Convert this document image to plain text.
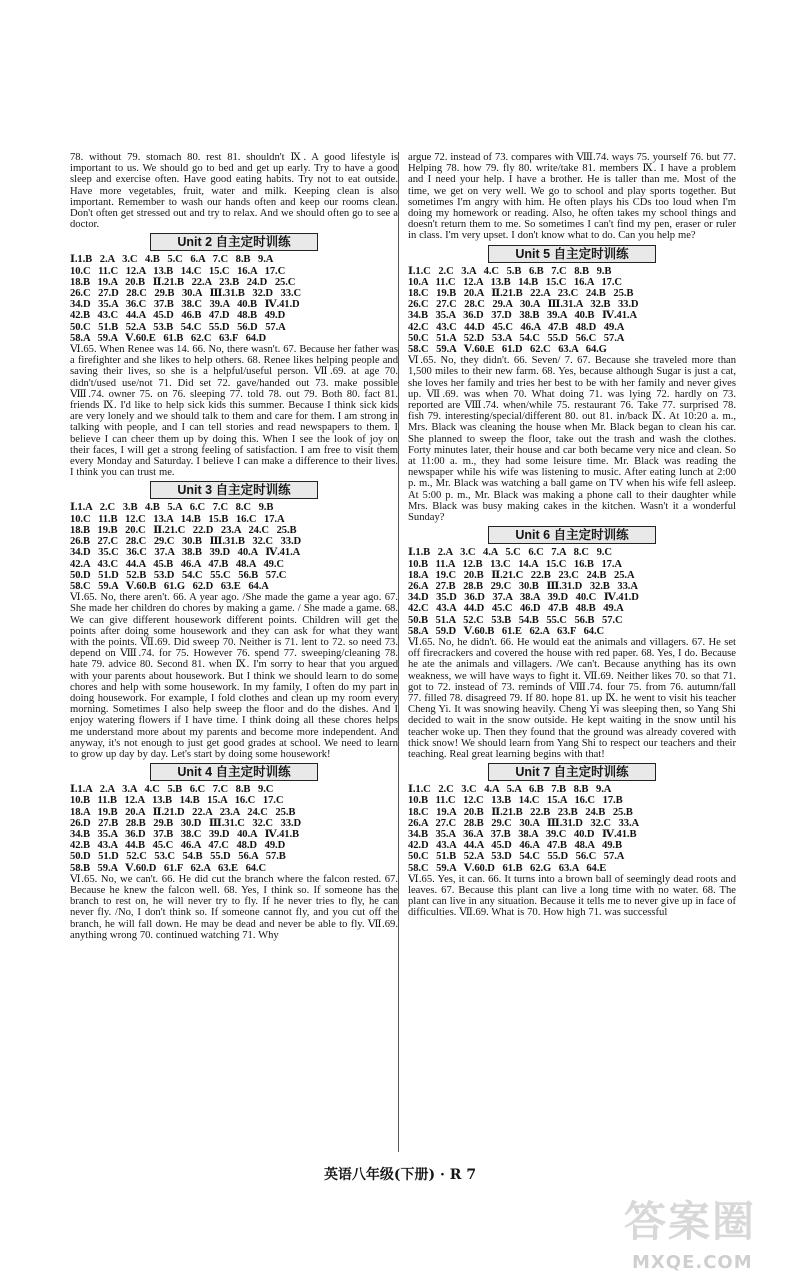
78. without 79. stomach 80. rest 81. shouldn't Ⅸ. A good lifestyle is important to us. We should go to bed and get up early. Try to have a good sleep and exercise often. Have good eating habits. Try not to eat outside. Have more vegetables, fruit, water and milk. Keeping clean is also important. Remember to wash our hands often and keep our rooms clean. Don't often get stressed out and try to relax. And we should often go to see a doctor.

Unit 2 自主定时训练
Ⅰ.1.B   2.A   3.C   4.B   5.C   6.A   7.C   8.B   9.A
10.C   11.C   12.A   13.B   14.C   15.C   16.A   17.C
18.B   19.A   20.B   Ⅱ.21.B   22.A   23.B   24.D   25.C
26.C   27.D   28.C   29.B   30.A   Ⅲ.31.B   32.D   33.C
34.D   35.A   36.C   37.B   38.C   39.A   40.B   Ⅳ.41.D
42.B   43.C   44.A   45.D   46.B   47.D   48.B   49.D
50.C   51.B   52.A   53.B   54.C   55.D   56.D   57.A
58.A   59.A   Ⅴ.60.E   61.B   62.C   63.F   64.D

Ⅵ.65. When Renee was 14. 66. No, there wasn't. 67. Because her father was a firefighter and she likes to help others. 68. Renee likes helping people and saving their lives, so she is a helpful/useful person. Ⅶ.69. at age 70. didn't/used use/not 71. Did set 72. gave/handed out 73. make possible Ⅷ.74. owner 75. on 76. sleeping 77. told 78. out 79. Both 80. fact 81. friends Ⅸ. I'd like to help sick kids this summer. Because I think sick kids are very lonely and we should talk to them and care for them. I am strong in talking with people, and I can tell stories and read newspapers to them. I believe I can cheer them up by doing this. When I see the look of joy on their faces, I will get a strong feeling of satisfaction. I am free to visit them every Monday and Saturday. I believe I can make a difference to their lives. I think you can trust me.

Unit 3 自主定时训练
Ⅰ.1.A   2.C   3.B   4.B   5.A   6.C   7.C   8.C   9.B
10.C   11.B   12.C   13.A   14.B   15.B   16.C   17.A
18.B   19.B   20.C   Ⅱ.21.C   22.D   23.A   24.C   25.B
26.B   27.C   28.C   29.C   30.B   Ⅲ.31.B   32.C   33.D
34.D   35.C   36.C   37.A   38.B   39.D   40.A   Ⅳ.41.A
42.A   43.C   44.A   45.B   46.A   47.B   48.A   49.C
50.D   51.D   52.B   53.D   54.C   55.C   56.B   57.C
58.C   59.A   Ⅴ.60.B   61.G   62.D   63.E   64.A

Ⅵ.65. No, there aren't. 66. A year ago. /She made the game a year ago. 67. She made her children do chores by making a game. / She made a game. 68. We can give different housework different points. Children will get the points after doing some housework and they can ask for what they want with the points. Ⅶ.69. Did sweep 70. Neither is 71. lent to 72. so need 73. depend on Ⅷ.74. for 75. However 76. spend 77. sweeping/cleaning 78. hate 79. advice 80. Second 81. when Ⅸ. I'm sorry to hear that you argued with your parents about housework. But I think we should learn to do some chores and help with some housework. In my family, I often do my part in doing housework. For example, I fold clothes and clean up my room every morning. Sometimes I also help sweep the floor and do the dishes. And I enjoy watering flowers if I have time. I think doing all these chores helps me understand more about my parents and become more independent. And anyway, it's not enough to just get good grades at school. We need to learn to grow up day by day. Let's start by doing some housework!

Unit 4 自主定时训练
Ⅰ.1.A   2.A   3.A   4.C   5.B   6.C   7.C   8.B   9.C
10.B   11.B   12.A   13.B   14.B   15.A   16.C   17.C
18.A   19.B   20.A   Ⅱ.21.D   22.A   23.A   24.C   25.B
26.D   27.B   28.B   29.B   30.D   Ⅲ.31.C   32.C   33.D
34.B   35.A   36.D   37.B   38.C   39.D   40.A   Ⅳ.41.B
42.B   43.A   44.B   45.C   46.A   47.C   48.D   49.D
50.D   51.D   52.C   53.C   54.B   55.D   56.A   57.B
58.B   59.A   Ⅴ.60.D   61.F   62.A   63.E   64.C

Ⅵ.65. No, we can't. 66. He did cut the branch where the falcon rested. 67. Because he knew the falcon well. 68. Yes, I think so. If someone has the branch to rest on, he will never try to fly. If he never tries to fly, he can never fly. /No, I don't think so. If someone cannot fly, and you cut off the branch, he will fall down. He may be dead and never be able to fly. Ⅶ.69. anything wrong 70. continued watching 71. Why

argue 72. instead of 73. compares with Ⅷ.74. ways 75. yourself 76. but 77. Helping 78. how 79. fly 80. write/take 81. members Ⅸ. I have a problem and I need your help. I have a brother. He is taller than me. Most of the time, we get on very well. We go to school and play sports together. But sometimes I'm angry with him. He often plays his CDs too loud when I'm doing my homework or reading. Also, he often takes my school things and doesn't return them to me. So sometimes I can't find my pen, eraser or ruler in class. I'm very upset. I don't know what to do. Can you help me?

Unit 5 自主定时训练
Ⅰ.1.C   2.C   3.A   4.C   5.B   6.B   7.C   8.B   9.B
10.A   11.C   12.A   13.B   14.B   15.C   16.A   17.C
18.C   19.B   20.A   Ⅱ.21.B   22.A   23.C   24.B   25.B
26.C   27.C   28.C   29.A   30.A   Ⅲ.31.A   32.B   33.D
34.B   35.A   36.D   37.D   38.B   39.A   40.B   Ⅳ.41.A
42.C   43.C   44.D   45.C   46.A   47.B   48.D   49.A
50.C   51.A   52.D   53.A   54.C   55.D   56.C   57.A
58.C   59.A   Ⅴ.60.E   61.D   62.C   63.A   64.G

Ⅵ.65. No, they didn't. 66. Seven/ 7. 67. Because she traveled more than 1,500 miles to their new farm. 68. Yes, because although Sugar is just a cat, she loves her family and tries her best to be with her family and never gives up. Ⅶ.69. was when 70. What doing 71. was lying 72. hardly on 73. reported are Ⅷ.74. when/while 75. restaurant 76. Take 77. surprised 78. fish 79. interesting/special/different 80. out 81. in/back Ⅸ. At 10:20 a. m., Mrs. Black was cleaning the house when Mr. Black began to clean his car. She planned to sweep the floor, take out the trash and wash the clothes. Forty minutes later, their house and car both became very nice and clean. So at 11:00 a. m., they had some leisure time. Mr. Black was reading the newspaper while his wife was listening to music. After eating lunch at 2:00 p. m., Mr. Black was watching a ball game on TV when his wife fell asleep. At 5:00 p. m., Mr. Black was making a phone call to their daughter while Mrs. Black was busy making cakes in the kitchen. Wasn't it a wonderful Sunday?

Unit 6 自主定时训练
Ⅰ.1.B   2.A   3.C   4.A   5.C   6.C   7.A   8.C   9.C
10.B   11.A   12.B   13.C   14.A   15.C   16.B   17.A
18.A   19.C   20.B   Ⅱ.21.C   22.B   23.C   24.B   25.A
26.A   27.B   28.B   29.C   30.B   Ⅲ.31.D   32.B   33.A
34.D   35.D   36.D   37.A   38.A   39.D   40.C   Ⅳ.41.D
42.C   43.A   44.D   45.C   46.D   47.B   48.B   49.A
50.B   51.A   52.C   53.B   54.B   55.C   56.B   57.C
58.A   59.D   Ⅴ.60.B   61.E   62.A   63.F   64.C

Ⅵ.65. No, he didn't. 66. He would eat the animals and villagers. 67. He set off firecrackers and covered the house with red paper. 68. Yes, I do. Because he ate the animals and villagers. /We can't. Because anything has its own weakness, we will have ways to fight it. Ⅶ.69. Neither likes 70. so that 71. got to 72. instead of 73. reminds of Ⅷ.74. four 75. from 76. autumn/fall 77. filled 78. disagreed 79. If 80. hope 81. up Ⅸ. he went to visit his teacher Cheng Yi. It was snowing heavily. Cheng Yi was sleeping then, so Yang Shi decided to wait in the snow outside. He kept waiting in the snow until his teacher woke up. Then they found that the ground was already covered with thick snow! We should learn from Yang Shi to respect our teachers and their teaching. Real great learning begins with that!

Unit 7 自主定时训练
Ⅰ.1.C   2.C   3.C   4.A   5.A   6.B   7.B   8.B   9.A
10.B   11.C   12.C   13.B   14.C   15.A   16.C   17.B
18.C   19.A   20.B   Ⅱ.21.B   22.B   23.B   24.B   25.B
26.A   27.C   28.B   29.C   30.A   Ⅲ.31.D   32.C   33.A
34.B   35.A   36.A   37.B   38.A   39.C   40.D   Ⅳ.41.B
42.D   43.A   44.A   45.D   46.A   47.B   48.A   49.B
50.C   51.B   52.A   53.D   54.C   55.D   56.C   57.A
58.C   59.A   Ⅴ.60.D   61.B   62.G   63.A   64.E

Ⅵ.65. Yes, it can. 66. It turns into a brown ball of seemingly dead roots and leaves. 67. Because this plant can live a long time with no water. 68. The plant can live in any situation. Because it tells me to never give up in face of difficulties. Ⅶ.69. What is 70. How high 71. was successful

英语八年级(下册) · R 7
答案圈
MXQE.COM
